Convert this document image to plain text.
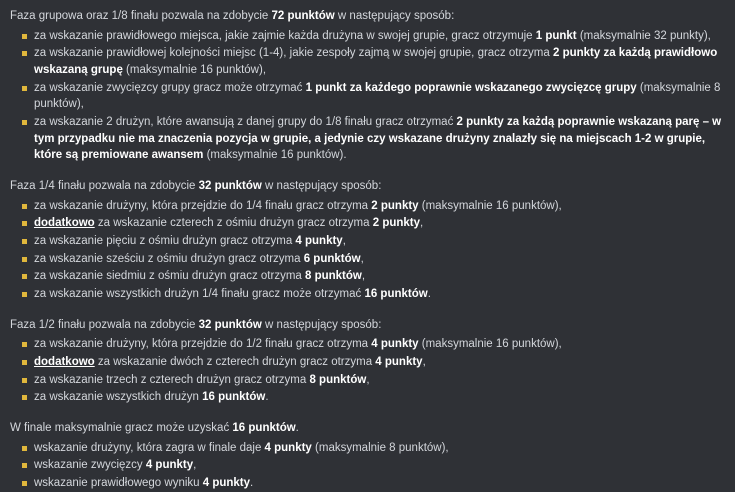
Faza grupowa oraz 1/8 finału pozwala na zdobycie 72 punktów w następujący sposób:

za wskazanie prawidłowego miejsca, jakie zajmie każda drużyna w swojej grupie, gracz otrzymuje 1 punkt (maksymalnie 32 punkty),
za wskazanie prawidłowej kolejności miejsc (1-4), jakie zespoły zajmą w swojej grupie, gracz otrzyma 2 punkty za każdą prawidłowo wskazaną grupę (maksymalnie 16 punktów),
za wskazanie zwycięzcy grupy gracz może otrzymać 1 punkt za każdego poprawnie wskazanego zwycięzcę grupy (maksymalnie 8 punktów),
za wskazanie 2 drużyn, które awansują z danej grupy do 1/8 finału gracz otrzymać 2 punkty za każdą poprawnie wskazaną parę – w tym przypadku nie ma znaczenia pozycja w grupie, a jedynie czy wskazane drużyny znalazły się na miejscach 1-2 w grupie, które są premiowane awansem (maksymalnie 16 punktów).

Faza 1/4 finału pozwala na zdobycie 32 punktów w następujący sposób:

za wskazanie drużyny, która przejdzie do 1/4 finału gracz otrzyma 2 punkty (maksymalnie 16 punktów),
dodatkowo za wskazanie czterech z ośmiu drużyn gracz otrzyma 2 punkty,
za wskazanie pięciu z ośmiu drużyn gracz otrzyma 4 punkty,
za wskazanie sześciu z ośmiu drużyn gracz otrzyma 6 punktów,
za wskazanie siedmiu z ośmiu drużyn gracz otrzyma 8 punktów,
za wskazanie wszystkich drużyn 1/4 finału gracz może otrzymać 16 punktów.

Faza 1/2 finału pozwala na zdobycie 32 punktów w następujący sposób:

za wskazanie drużyny, która przejdzie do 1/2 finału gracz otrzyma 4 punkty (maksymalnie 16 punktów),
dodatkowo za wskazanie dwóch z czterech drużyn gracz otrzyma 4 punkty,
za wskazanie trzech z czterech drużyn gracz otrzyma 8 punktów,
za wskazanie wszystkich drużyn 16 punktów.

W finale maksymalnie gracz może uzyskać 16 punktów.

wskazanie drużyny, która zagra w finale daje 4 punkty (maksymalnie 8 punktów),
wskazanie zwycięzcy 4 punkty,
wskazanie prawidłowego wyniku 4 punkty.
